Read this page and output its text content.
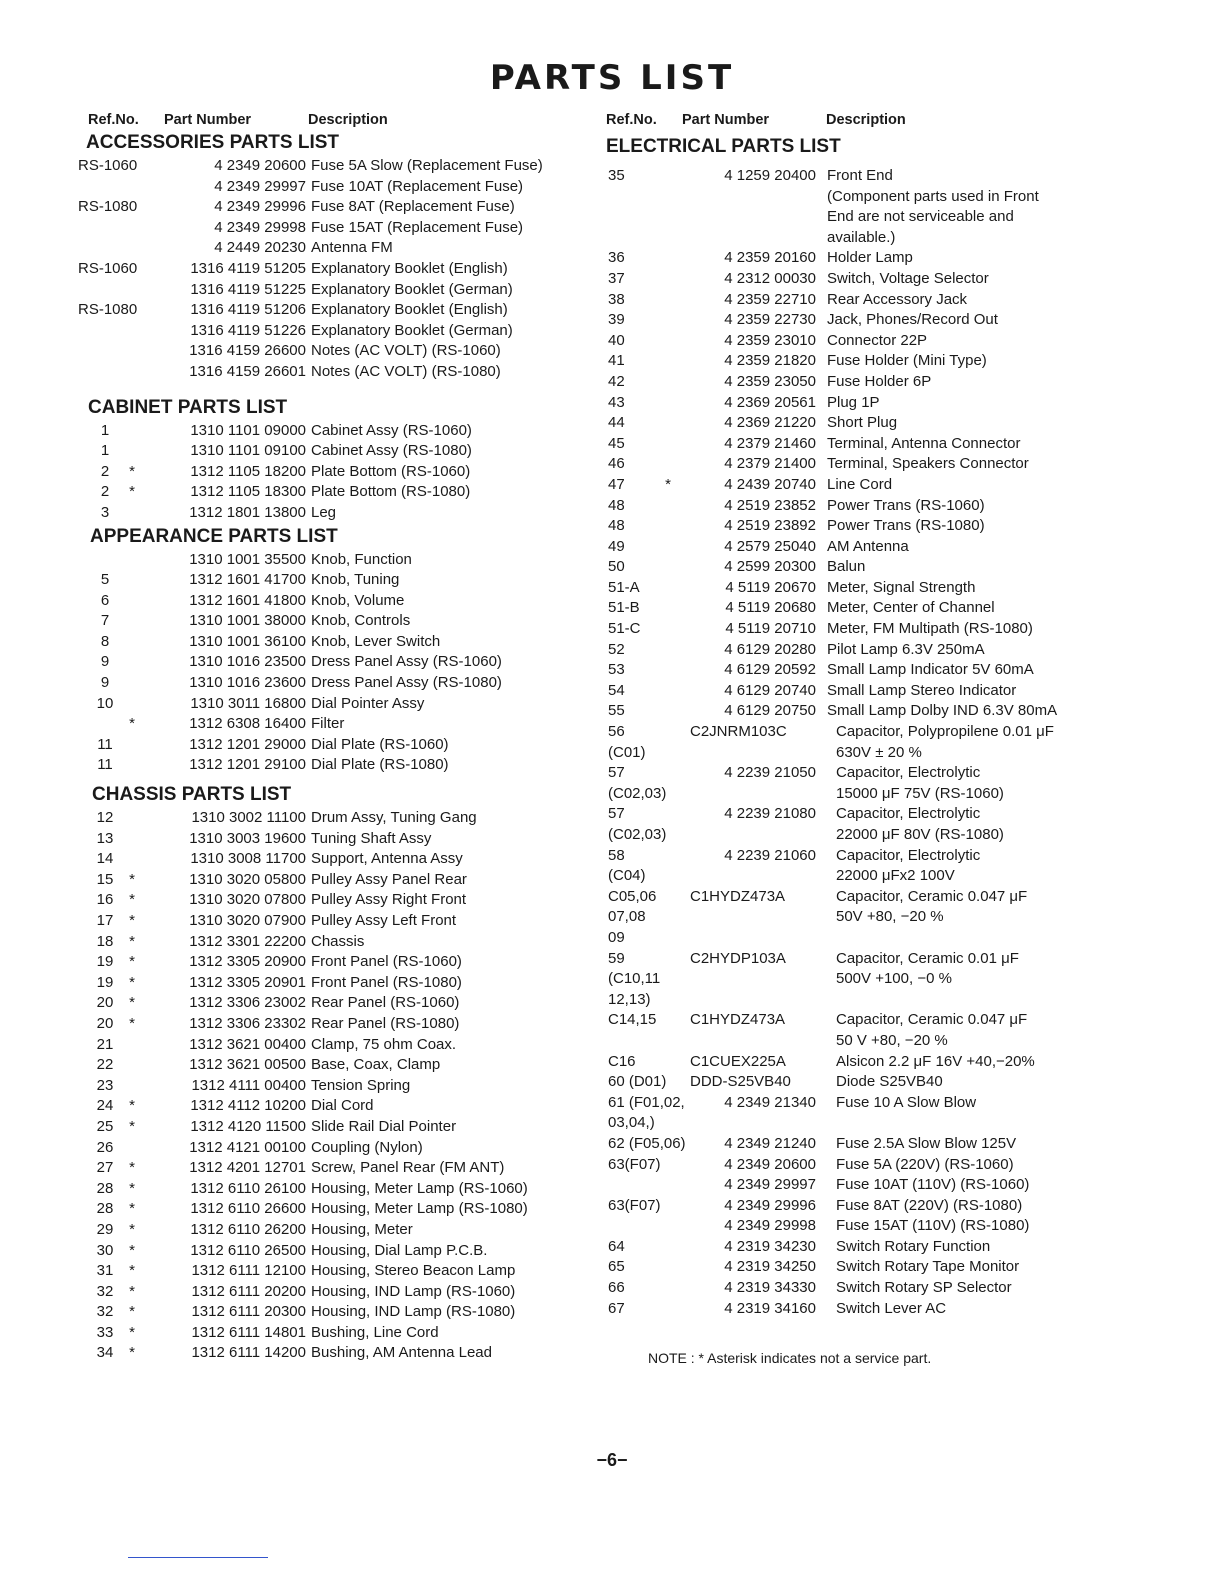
PARTS LIST
Ref.No. Part Number	Description
ACCESSORIES PARTS LIST
RS-1060	4 2349 20600 Fuse 5A Slow (Replacement Fuse)
4 2349 29997 Fuse 10AT (Replacement Fuse)
RS-1080	4 2349 29996 Fuse 8AT (Replacement Fuse)
4 2349 29998 Fuse 15AT (Replacement Fuse)
4 2449 20230 Antenna FM
RS-1060	1316 4119 51205 Explanatory Booklet (English)
1316 4119 51225 Explanatory Booklet (German)
RS-1080	1316 4119 51206 Explanatory Booklet (English)
1316 4119 51226 Explanatory Booklet (German)
1316 4159 26600 Notes (AC VOLT) (RS-1060)
1316 4159 26601 Notes (AC VOLT) (RS-1080)
CABINET PARTS LIST
1	1310 1101 09000 Cabinet Assy (RS-1060)
1	1310 1101 09100 Cabinet Assy (RS-1080)
2	*	1312 1105 18200 Plate Bottom (RS-1060)
2	*	1312 1105 18300 Plate Bottom (RS-1080)
3	1312 1801 13800 Leg
APPEARANCE PARTS LIST
1310 1001 35500 Knob, Function
5	1312 1601 41700 Knob, Tuning
6	1312 1601 41800 Knob, Volume
7	1310 1001 38000 Knob, Controls
8	1310 1001 36100 Knob, Lever Switch
9	1310 1016 23500 Dress Panel Assy (RS-1060)
9	1310 1016 23600 Dress Panel Assy (RS-1080)
10	1310 3011 16800 Dial Pointer Assy
*	1312 6308 16400 Filter
11	1312 1201 29000 Dial Plate (RS-1060)
11	1312 1201 29100 Dial Plate (RS-1080)
CHASSIS PARTS LIST
12	1310 3002 11100 Drum Assy, Tuning Gang
13	1310 3003 19600 Tuning Shaft Assy
14	1310 3008 11700 Support, Antenna Assy
15	*	1310 3020 05800 Pulley Assy Panel Rear
16	*	1310 3020 07800 Pulley Assy Right Front
17	*	1310 3020 07900 Pulley Assy Left Front
18	*	1312 3301 22200 Chassis
19	*	1312 3305 20900 Front Panel (RS-1060)
19	*	1312 3305 20901 Front Panel (RS-1080)
20	*	1312 3306 23002 Rear Panel (RS-1060)
20	*	1312 3306 23302 Rear Panel (RS-1080)
21	1312 3621 00400 Clamp, 75 ohm Coax.
22	1312 3621 00500 Base, Coax, Clamp
23	1312 4111 00400 Tension Spring
24	*	1312 4112 10200 Dial Cord
25	*	1312 4120 11500 Slide Rail Dial Pointer
26	1312 4121 00100 Coupling (Nylon)
27	*	1312 4201 12701 Screw, Panel Rear (FM ANT)
28	*	1312 6110 26100 Housing, Meter Lamp (RS-1060)
28	*	1312 6110 26600 Housing, Meter Lamp (RS-1080)
29	*	1312 6110 26200 Housing, Meter
30	*	1312 6110 26500 Housing, Dial Lamp P.C.B.
31	*	1312 6111 12100 Housing, Stereo Beacon Lamp
32	*	1312 6111 20200 Housing, IND Lamp (RS-1060)
32	*	1312 6111 20300 Housing, IND Lamp (RS-1080)
33	*	1312 6111 14801 Bushing, Line Cord
34	*	1312 6111 14200 Bushing, AM Antenna Lead
Ref.No. Part Number	Description
ELECTRICAL PARTS LIST
35	4 1259 20400 Front End
(Component parts used in Front
End are not serviceable and
available.)
36	4 2359 20160 Holder Lamp
37	4 2312 00030 Switch, Voltage Selector
38	4 2359 22710 Rear Accessory Jack
39	4 2359 22730 Jack, Phones/Record Out
40	4 2359 23010 Connector 22P
41	4 2359 21820 Fuse Holder (Mini Type)
42	4 2359 23050 Fuse Holder 6P
43	4 2369 20561 Plug 1P
44	4 2369 21220 Short Plug
45	4 2379 21460 Terminal, Antenna Connector
46	4 2379 21400 Terminal, Speakers Connector
47	*	4 2439 20740 Line Cord
48	4 2519 23852 Power Trans (RS-1060)
48	4 2519 23892 Power Trans (RS-1080)
49	4 2579 25040 AM Antenna
50	4 2599 20300 Balun
51-A	4 5119 20670 Meter, Signal Strength
51-B	4 5119 20680 Meter, Center of Channel
51-C	4 5119 20710 Meter, FM Multipath (RS-1080)
52	4 6129 20280 Pilot Lamp 6.3V 250mA
53	4 6129 20592 Small Lamp Indicator 5V 60mA
54	4 6129 20740 Small Lamp Stereo Indicator
55	4 6129 20750 Small Lamp Dolby IND 6.3V 80mA
56	C2JNRM103C	Capacitor, Polypropilene 0.01 μF
(C01)	630V ± 20 %
57	4 2239 21050 Capacitor, Electrolytic
(C02,03)	15000 μF 75V (RS-1060)
57	4 2239 21080 Capacitor, Electrolytic
(C02,03)	22000 μF 80V (RS-1080)
58	4 2239 21060 Capacitor, Electrolytic
(C04)	22000 μFx2 100V
C05,06 C1HYDZ473A	Capacitor, Ceramic 0.047 μF
07,08	50V +80, −20 %
09
59	C2HYDP103A	Capacitor, Ceramic 0.01 μF
(C10,11	500V +100, −0 %
12,13)
C14,15 C1HYDZ473A	Capacitor, Ceramic 0.047 μF
50 V +80, −20 %
C16	C1CUEX225A	Alsicon 2.2 μF 16V +40,−20%
60 (D01) DDD-S25VB40	Diode S25VB40
61 (F01,02,	4 2349 21340 Fuse 10 A Slow Blow
03,04,)
62 (F05,06)	4 2349 21240 Fuse 2.5A Slow Blow 125V
63(F07)	4 2349 20600 Fuse 5A (220V) (RS-1060)
4 2349 29997 Fuse 10AT (110V) (RS-1060)
63(F07)	4 2349 29996 Fuse 8AT (220V) (RS-1080)
4 2349 29998 Fuse 15AT (110V) (RS-1080)
64	4 2319 34230 Switch Rotary Function
65	4 2319 34250 Switch Rotary Tape Monitor
66	4 2319 34330 Switch Rotary SP Selector
67	4 2319 34160 Switch Lever AC
NOTE : * Asterisk indicates not a service part.
−6−
